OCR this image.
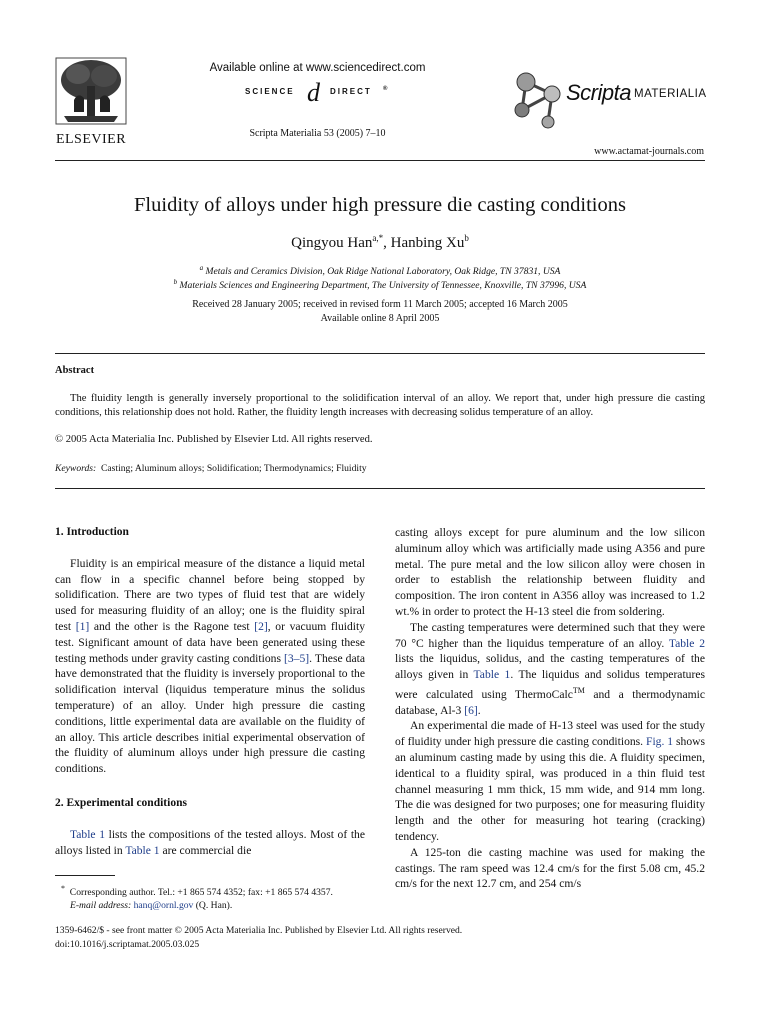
ELSEVIER
Available online at www.sciencedirect.com
SCIENCE d DIRECT ®
Scripta Materialia 53 (2005) 7–10
Scripta MATERIALIA
www.actamat-journals.com
Fluidity of alloys under high pressure die casting conditions
Qingyou Han$^{a,*}$, Hanbing Xu$^b$
$^a$ Metals and Ceramics Division, Oak Ridge National Laboratory, Oak Ridge, TN 37831, USA
$^b$ Materials Sciences and Engineering Department, The University of Tennessee, Knoxville, TN 37996, USA
Received 28 January 2005; received in revised form 11 March 2005; accepted 16 March 2005
Available online 8 April 2005
Abstract
The fluidity length is generally inversely proportional to the solidification interval of an alloy. We report that, under high pressure die casting conditions, this relationship does not hold. Rather, the fluidity length increases with decreasing solidus temperature of an alloy.
© 2005 Acta Materialia Inc. Published by Elsevier Ltd. All rights reserved.
Keywords: Casting; Aluminum alloys; Solidification; Thermodynamics; Fluidity

1. Introduction

Fluidity is an empirical measure of the distance a liquid metal can flow in a specific channel before being stopped by solidification. There are two types of fluid test that are widely used for measuring fluidity of an alloy; one is the fluidity spiral test [1] and the other is the Ragone test [2], or vacuum fluidity test. Significant amount of data have been generated using these testing methods under gravity casting conditions [3–5]. These data have demonstrated that the fluidity is inversely proportional to the solidification interval (liquidus temperature minus the solidus temperature) of an alloy. Under high pressure die casting conditions, little experimental data are available on the fluidity of an alloy. This article describes initial experimental observation of the fluidity of aluminum alloys under high pressure die casting conditions.

2. Experimental conditions

Table 1 lists the compositions of the tested alloys. Most of the alloys listed in Table 1 are commercial die

* Corresponding author. Tel.: +1 865 574 4352; fax: +1 865 574 4357.
E-mail address: hanq@ornl.gov (Q. Han).

casting alloys except for pure aluminum and the low silicon aluminum alloy which was artificially made using A356 and pure metal. The pure metal and the low silicon alloy were chosen in order to establish the relationship between fluidity and composition. The iron content in A356 alloy was increased to 1.2 wt.% in order to protect the H-13 steel die from soldering.

The casting temperatures were determined such that they were 70 °C higher than the liquidus temperature of an alloy. Table 2 lists the liquidus, solidus, and the casting temperatures of the alloys given in Table 1. The liquidus and solidus temperatures were calculated using ThermoCalc™ and a thermodynamic database, Al-3 [6].

An experimental die made of H-13 steel was used for the study of fluidity under high pressure die casting conditions. Fig. 1 shows an aluminum casting made by using this die. A fluidity specimen, identical to a fluidity spiral, was produced in a thin fluid test channel measuring 1 mm thick, 15 mm wide, and 914 mm long. The die was designed for two purposes; one for measuring fluidity length and the other for measuring hot tearing (cracking) tendency.

A 125-ton die casting machine was used for making the castings. The ram speed was 12.4 cm/s for the first 5.08 cm, 45.2 cm/s for the next 12.7 cm, and 254 cm/s

1359-6462/$ - see front matter © 2005 Acta Materialia Inc. Published by Elsevier Ltd. All rights reserved.
doi:10.1016/j.scriptamat.2005.03.025
